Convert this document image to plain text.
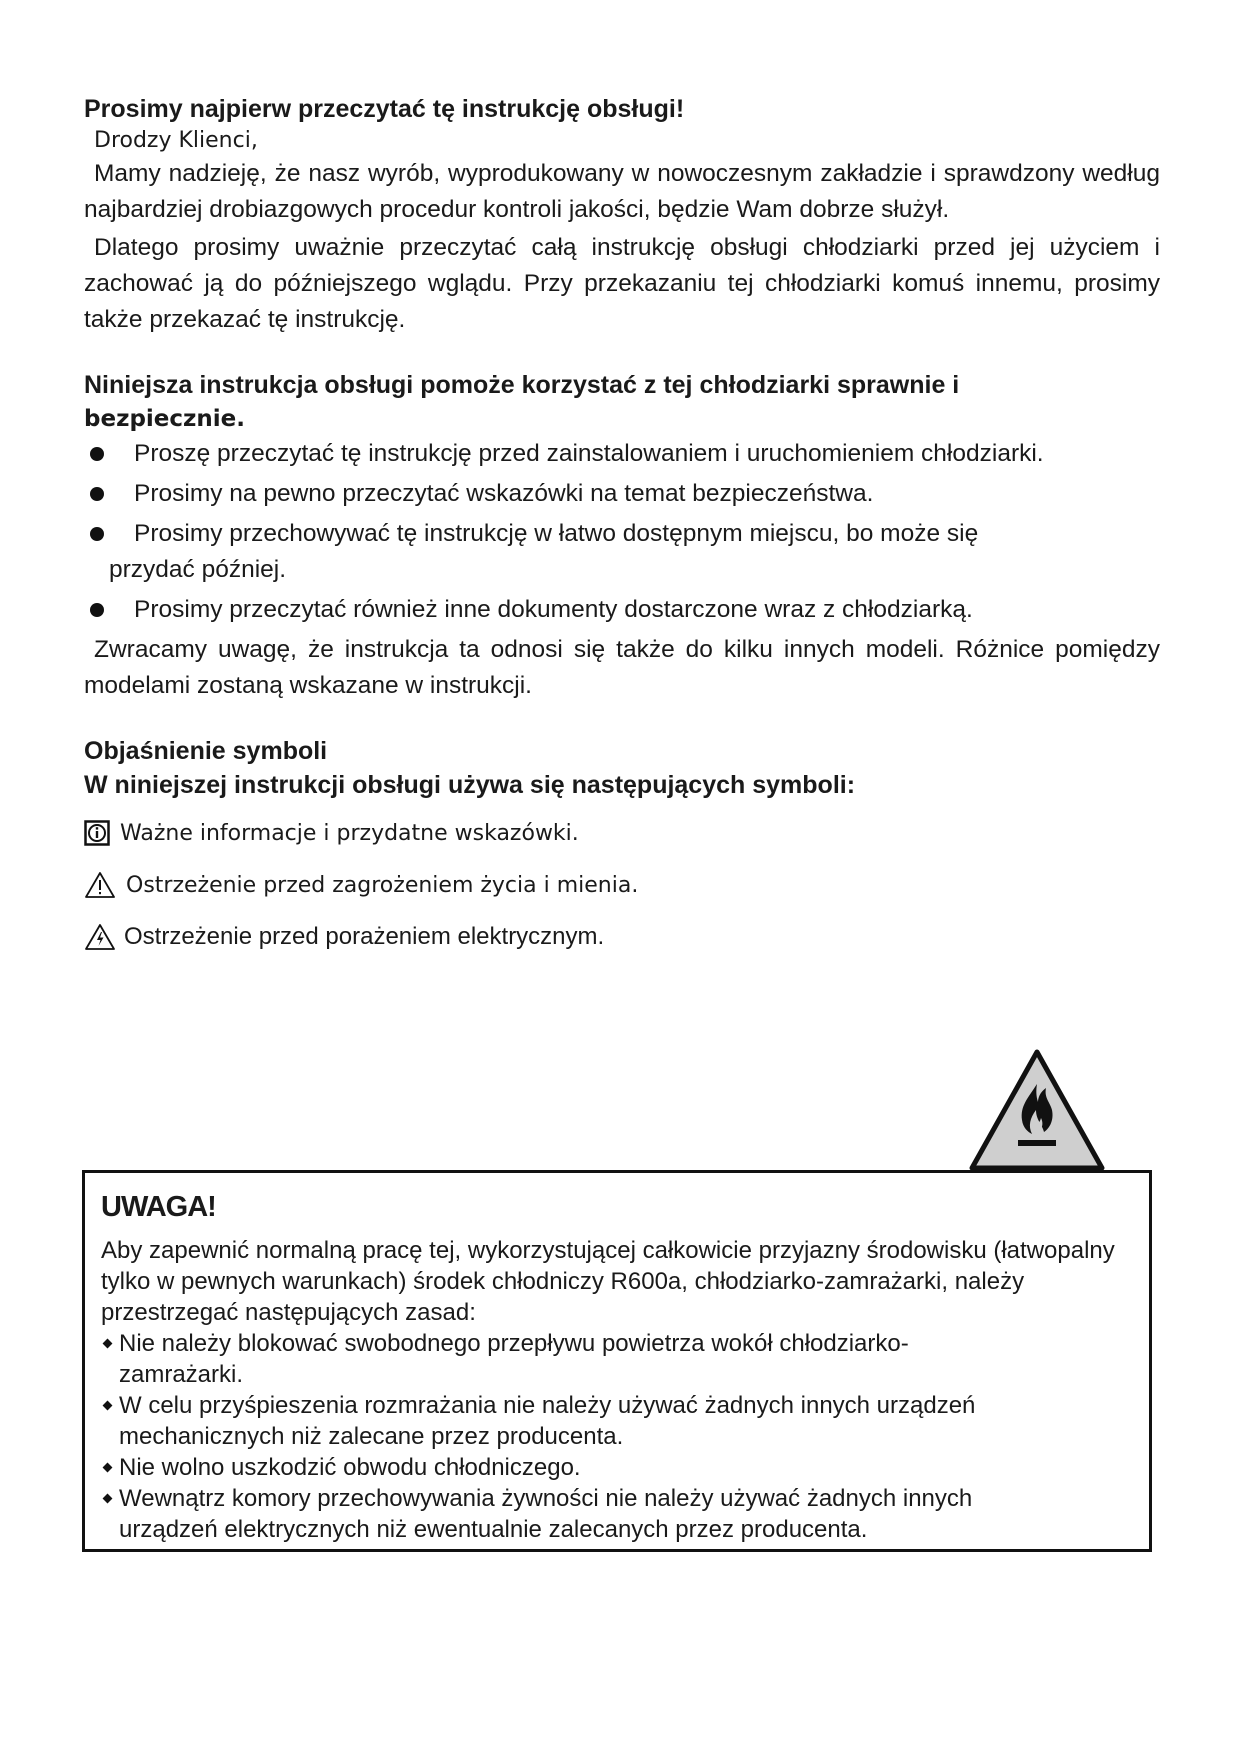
Prosimy najpierw przeczytać tę instrukcję obsługi!
Drodzy Klienci,
Mamy nadzieję, że nasz wyrób, wyprodukowany w nowoczesnym zakładzie i sprawdzony według najbardziej drobiazgowych procedur kontroli jakości, będzie Wam dobrze służył.
Dlatego prosimy uważnie przeczytać całą instrukcję obsługi chłodziarki przed jej użyciem i zachować ją do późniejszego wglądu. Przy przekazaniu tej chłodziarki komuś innemu, prosimy także przekazać tę instrukcję.
Niniejsza instrukcja obsługi pomoże korzystać z tej chłodziarki sprawnie i
bezpiecznie.
Proszę przeczytać tę instrukcję przed zainstalowaniem i uruchomieniem chłodziarki.
Prosimy na pewno przeczytać wskazówki na temat bezpieczeństwa.
Prosimy przechowywać tę instrukcję w łatwo dostępnym miejscu, bo może się
przydać później.
Prosimy przeczytać również inne dokumenty dostarczone wraz z chłodziarką.
Zwracamy uwagę, że instrukcja ta odnosi się także do kilku innych modeli. Różnice pomiędzy modelami zostaną wskazane w instrukcji.
Objaśnienie symboli
W niniejszej instrukcji obsługi używa się następujących symboli:
Ważne informacje i przydatne wskazówki.
Ostrzeżenie przed zagrożeniem życia i mienia.
Ostrzeżenie przed porażeniem elektrycznym.
UWAGA!
Aby zapewnić normalną pracę tej, wykorzystującej całkowicie przyjazny środowisku (łatwopalny tylko w pewnych warunkach) środek chłodniczy R600a, chłodziarko-zamrażarki, należy przestrzegać następujących zasad:
Nie należy blokować swobodnego przepływu powietrza wokół chłodziarko-
zamrażarki.
W celu przyśpieszenia rozmrażania nie należy używać żadnych innych urządzeń
mechanicznych niż zalecane przez producenta.
Nie wolno uszkodzić obwodu chłodniczego.
Wewnątrz komory przechowywania żywności nie należy używać żadnych innych
urządzeń elektrycznych niż ewentualnie zalecanych przez producenta.
